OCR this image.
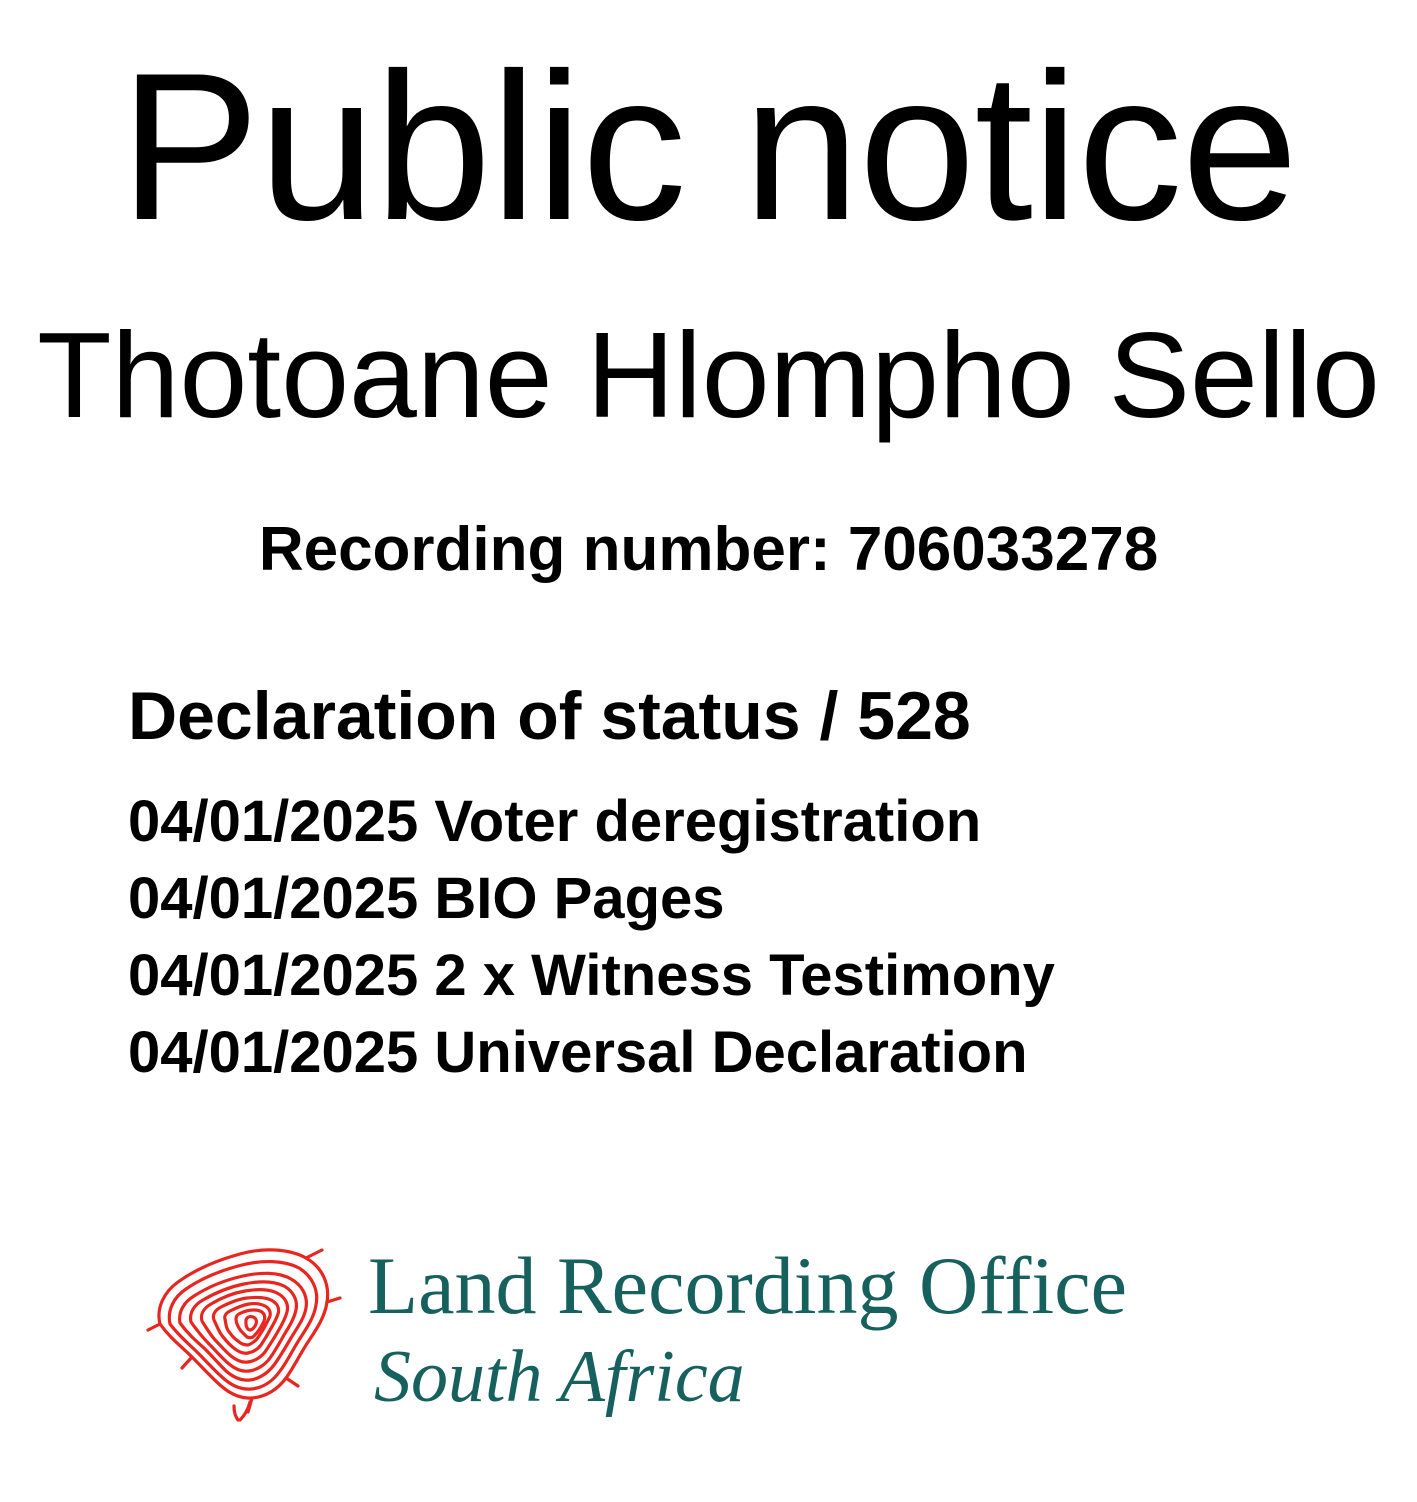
Public notice
Thotoane Hlompho Sello

Recording number: 706033278

Declaration of status / 528
04/01/2025 Voter deregistration
04/01/2025 BIO Pages
04/01/2025 2 x Witness Testimony
04/01/2025 Universal Declaration
Land Recording Office
South Africa
